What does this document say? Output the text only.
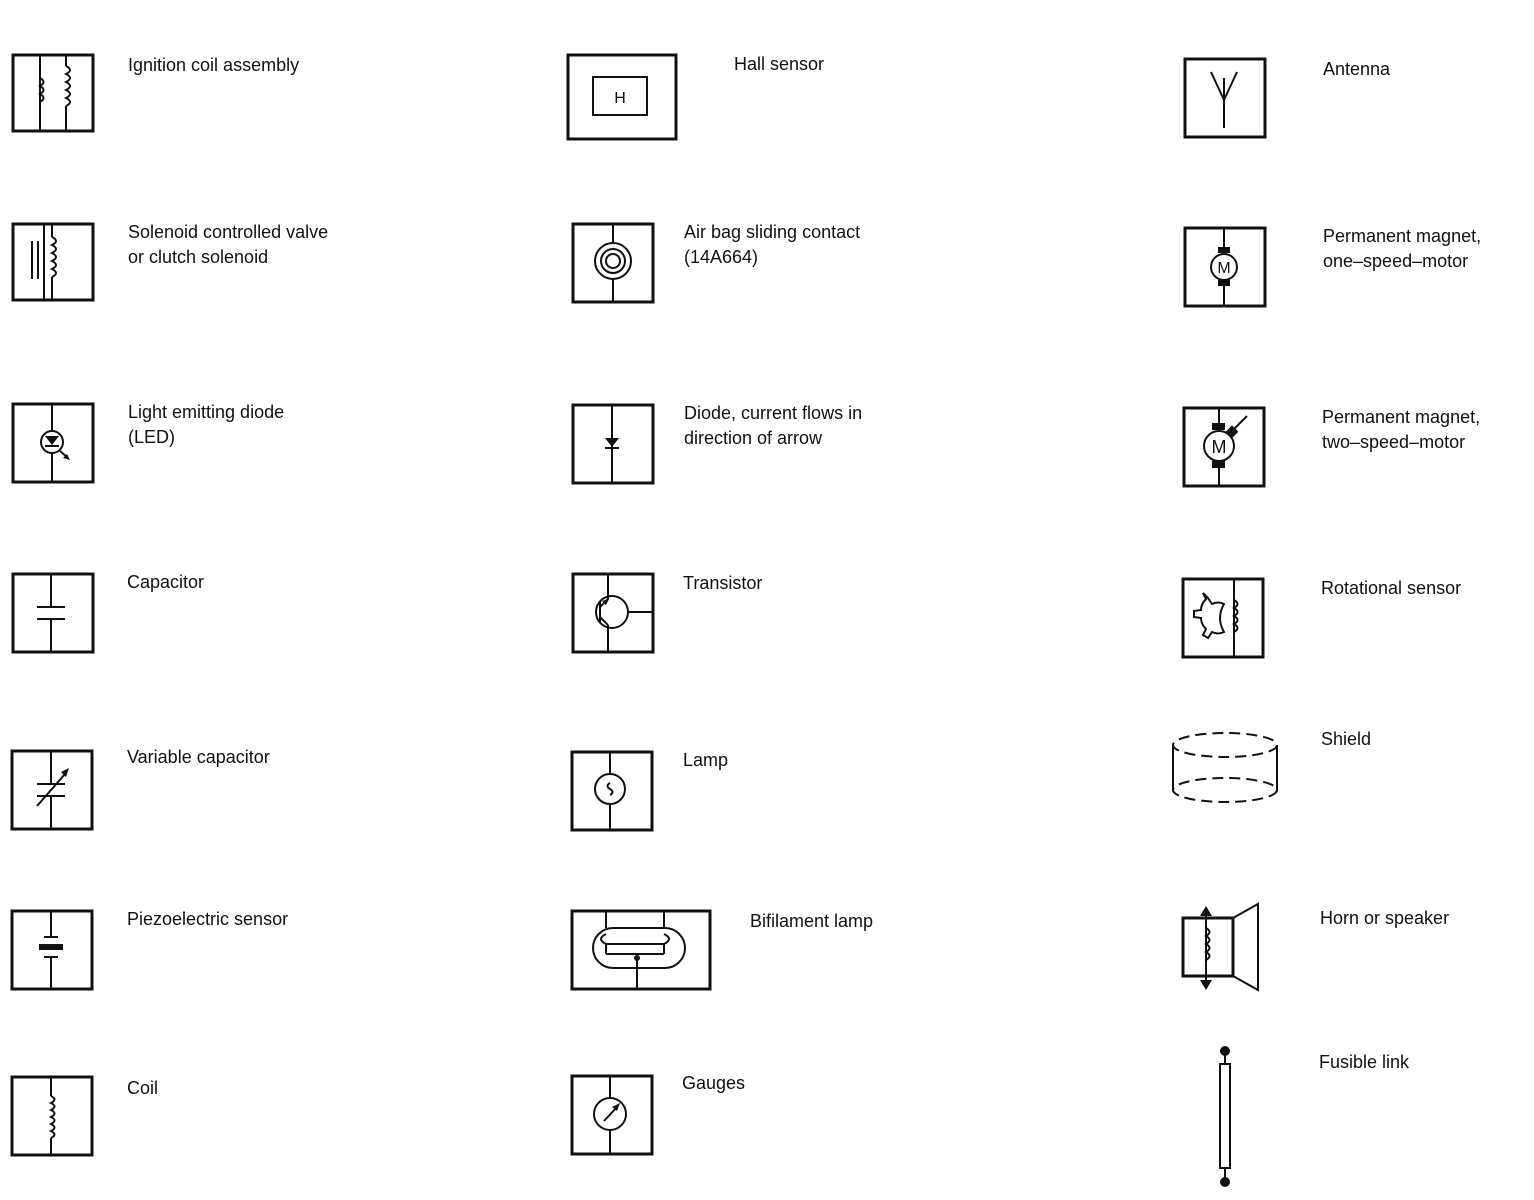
Ignition coil assembly
Solenoid controlled valve
or clutch solenoid
Light emitting diode
(LED)
Capacitor
Variable capacitor
Piezoelectric sensor
Coil
H
Hall sensor
Air bag sliding contact
(14A664)
Diode, current flows in
direction of arrow
Transistor
Lamp
Bifilament lamp
Gauges
Antenna
M
Permanent magnet,
one–speed–motor
M
Permanent magnet,
two–speed–motor
Rotational sensor
Shield
Horn or speaker
Fusible link
